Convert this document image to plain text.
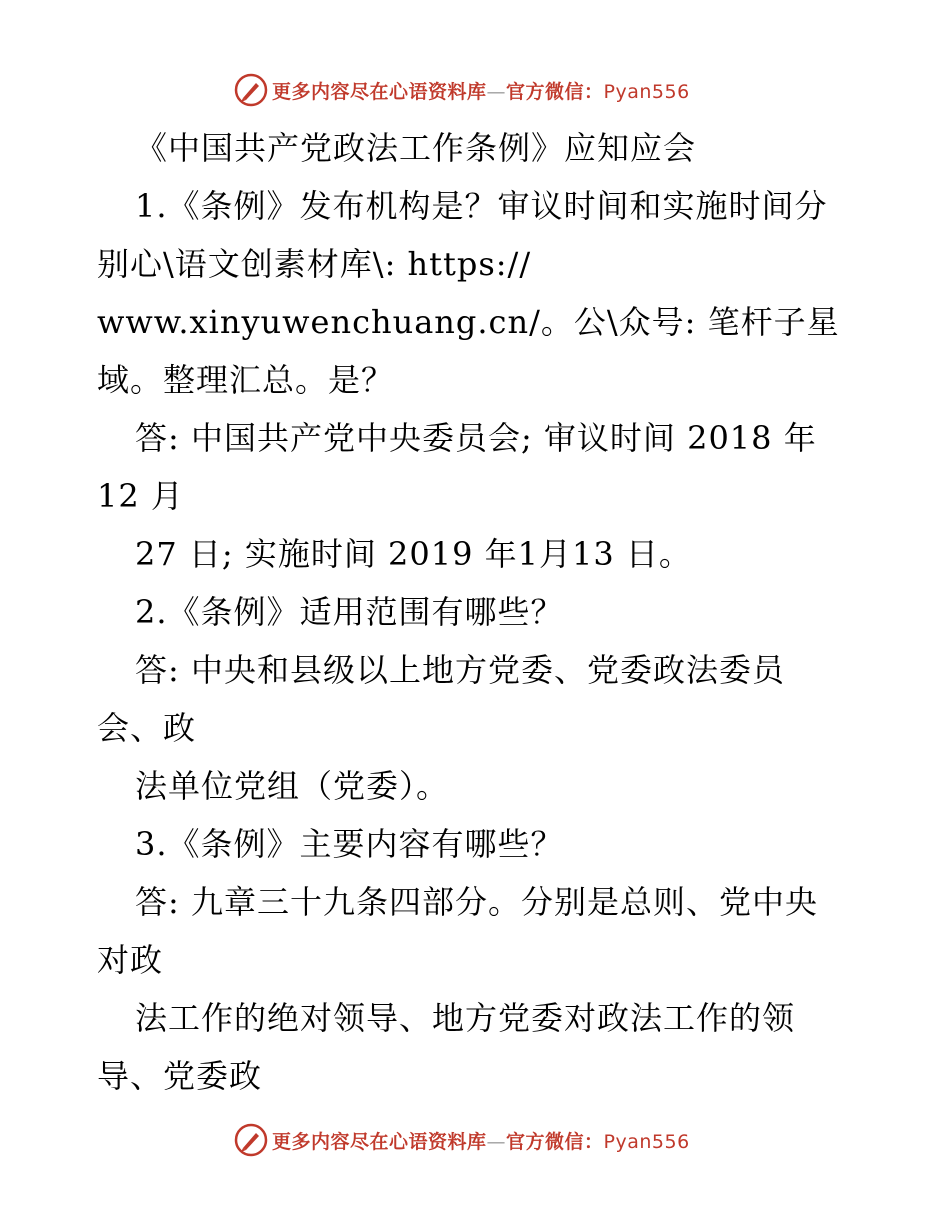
更多内容尽在心语资料库—官方微信：Pyan556
《中国共产党政法工作条例》应知应会
1.《条例》发布机构是？审议时间和实施时间分
别心\语文创素材库\: https://
www.xinyuwenchuang.cn/。公\众号: 笔杆子星
域。整理汇总。是？
答: 中国共产党中央委员会; 审议时间 2018 年
12 月
27 日; 实施时间 2019 年1月13 日。
2.《条例》适用范围有哪些？
答: 中央和县级以上地方党委、党委政法委员
会、政
法单位党组（党委）。
3.《条例》主要内容有哪些？
答: 九章三十九条四部分。分别是总则、党中央
对政
法工作的绝对领导、地方党委对政法工作的领
导、党委政
更多内容尽在心语资料库—官方微信：Pyan556
